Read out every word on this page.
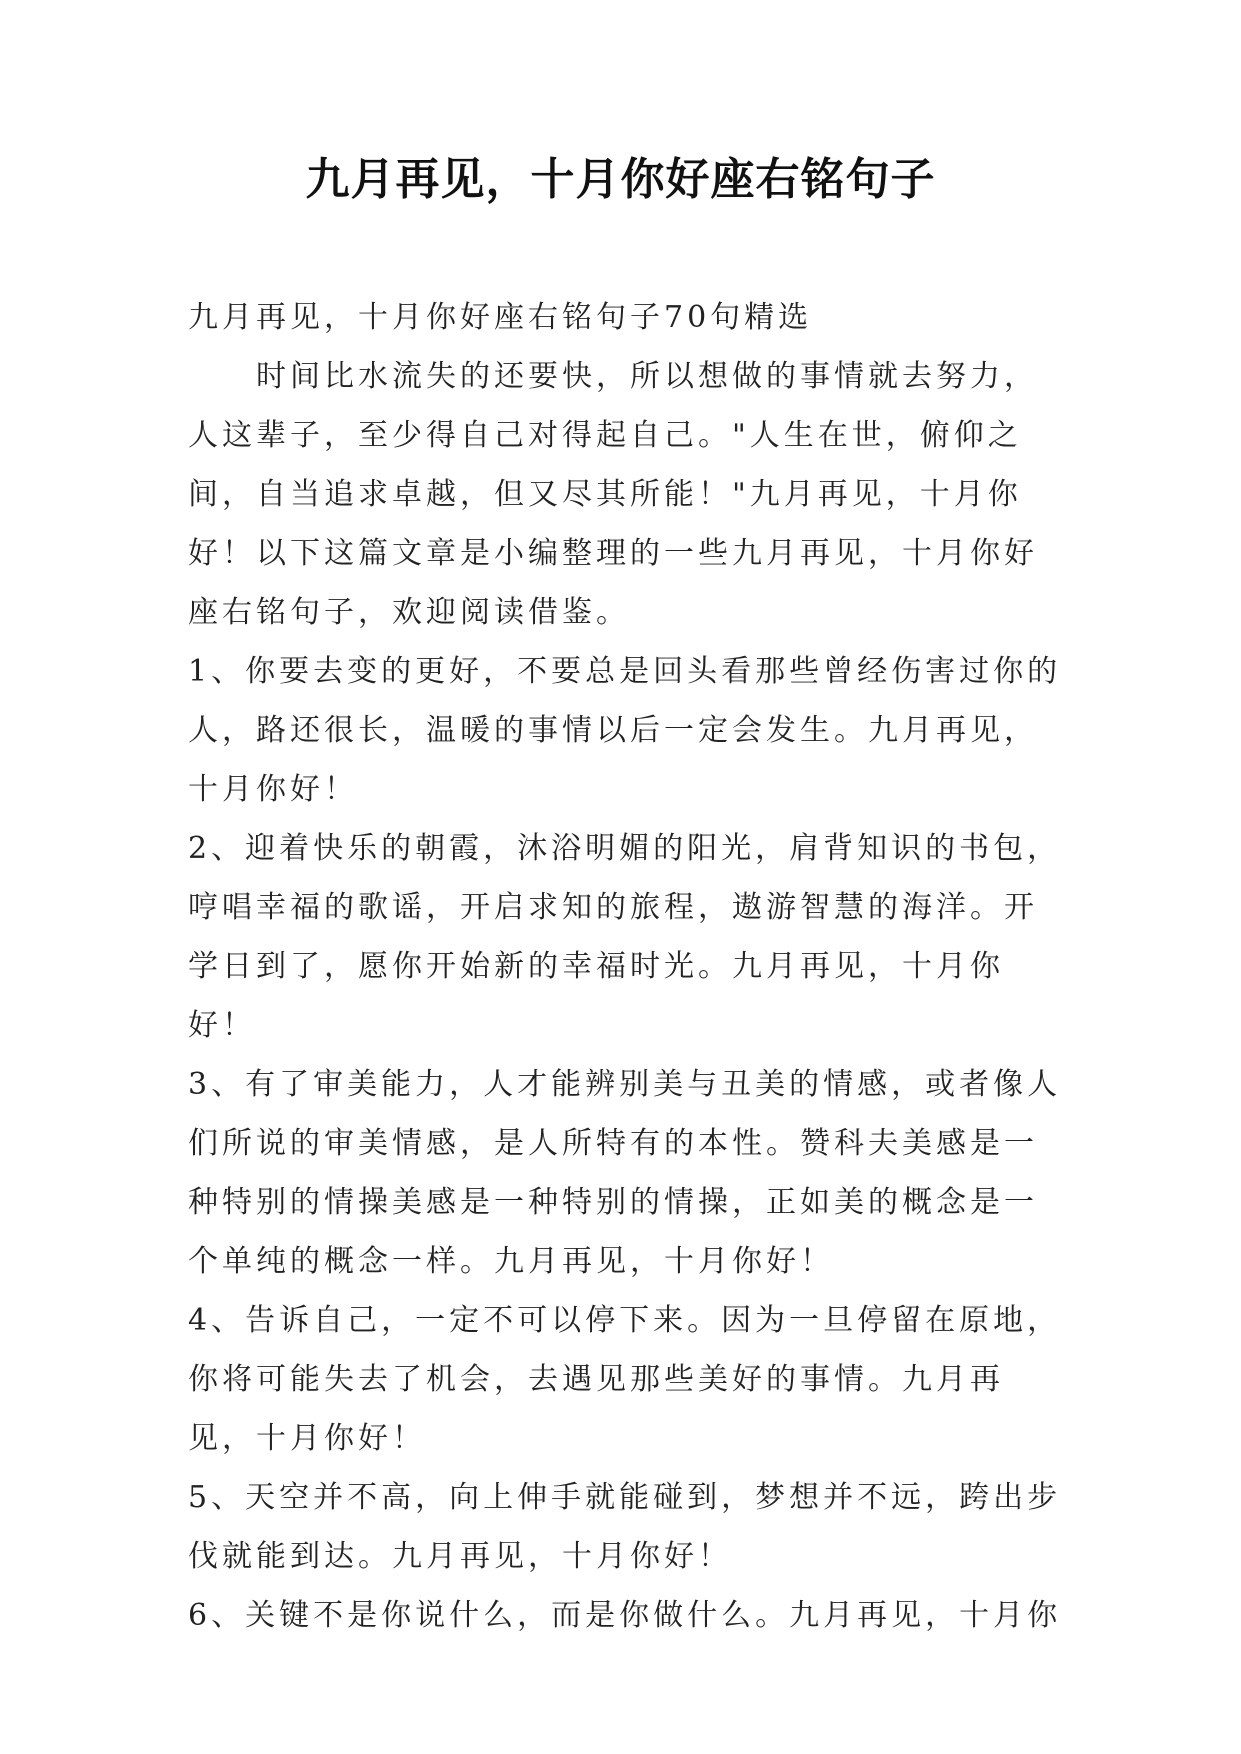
九月再见，十月你好座右铭句子

九月再见，十月你好座右铭句子70句精选

时间比水流失的还要快，所以想做的事情就去努力，人这辈子，至少得自己对得起自己。"人生在世，俯仰之间，自当追求卓越，但又尽其所能！"九月再见，十月你好！以下这篇文章是小编整理的一些九月再见，十月你好座右铭句子，欢迎阅读借鉴。

1、你要去变的更好，不要总是回头看那些曾经伤害过你的人，路还很长，温暖的事情以后一定会发生。九月再见，十月你好！

2、迎着快乐的朝霞，沐浴明媚的阳光，肩背知识的书包，哼唱幸福的歌谣，开启求知的旅程，遨游智慧的海洋。开学日到了，愿你开始新的幸福时光。九月再见，十月你好！

3、有了审美能力，人才能辨别美与丑美的情感，或者像人们所说的审美情感，是人所特有的本性。赞科夫美感是一种特别的情操美感是一种特别的情操，正如美的概念是一个单纯的概念一样。九月再见，十月你好！

4、告诉自己，一定不可以停下来。因为一旦停留在原地，你将可能失去了机会，去遇见那些美好的事情。九月再见，十月你好！

5、天空并不高，向上伸手就能碰到，梦想并不远，跨出步伐就能到达。九月再见，十月你好！

6、关键不是你说什么，而是你做什么。九月再见，十月你
